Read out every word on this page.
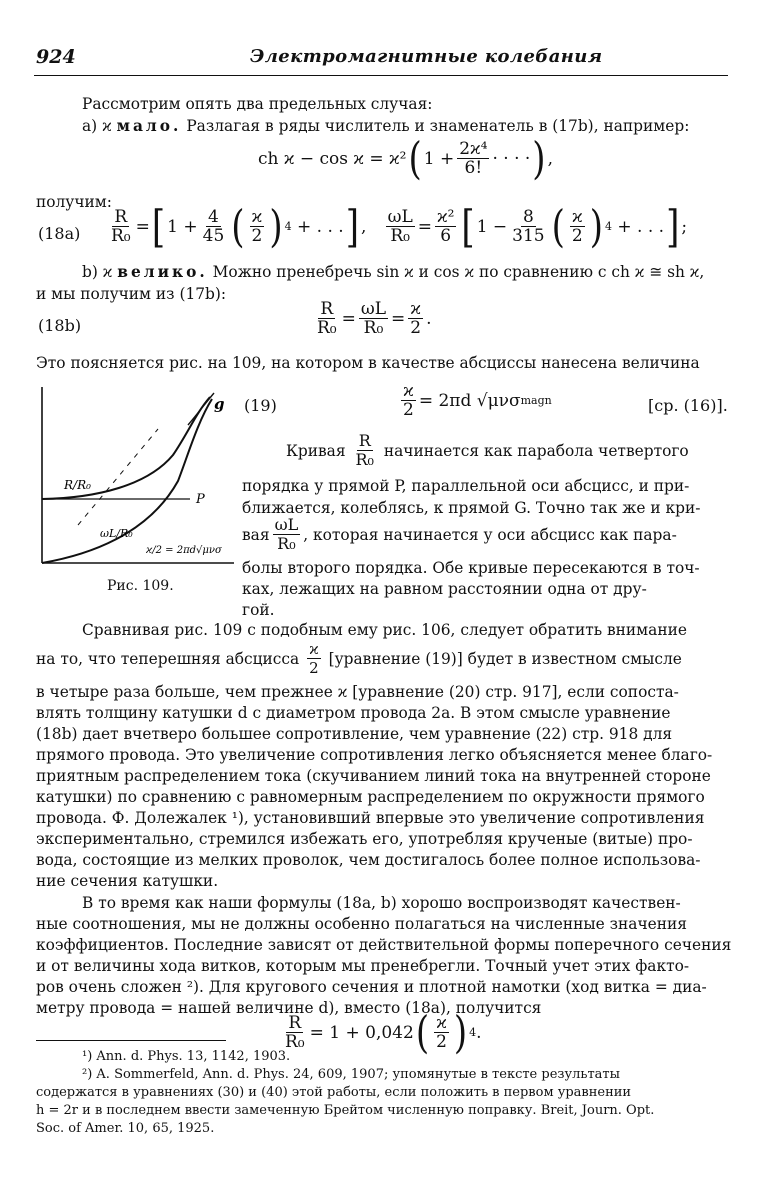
924	Электромагнитные колебания
Рассмотрим опять два предельных случая:
a) ϰ мало. Разлагая в ряды числитель и знаменатель в (17b), например:
ch ϰ − cos ϰ = ϰ² ( 1
+ $\frac{\text{2ϰ⁴}}{6!}$ · · · · ) ,
получим:
$(18a) \frac{R}{\text{R₀}}$ = [ 1
+ $\frac{4}{45}$ ( $\frac{ϰ}{2}$ ) 4
+ . . . ] , $\frac{\omega L}{\text{R₀}} = \frac{\text{ϰ²}}{6}$ [ 1
− $\frac{8}{315}$ ( $\frac{ϰ}{2}$ ) 4
+ . . . ] ;
b) ϰ велико. Можно пренебречь sin ϰ и cos ϰ по сравнению с ch ϰ ≅ sh ϰ,
и мы получим из (17b):
(18b)	$\frac{R}{\text{R₀}} = \frac{\omega L}{\text{R₀}} = \frac{ϰ}{2}$ .
Это поясняется рис. на 109, на котором в качестве абсциссы нанесена величина
R/R₀
P
g
ωL/R₀
ϰ/2 = 2πd√μνσ
Рис. 109.
(19)	$\frac{ϰ}{2} = 2\pi d$ √μνσ magn	[ср. (16)].
Кривая
$\frac{R}{\text{R₀}}$
начинается как парабола четвертого
порядка у прямой P, параллельной оси абсцисс, и при-
ближается, колеблясь, к прямой G. Точно так же и кри-
вая $\frac{\omega L}{\text{R₀}}$ , которая начинается у оси абсцисс как пара-
болы второго порядка. Обе кривые пересекаются в точ-
ках, лежащих на равном расстоянии одна от дру-
гой.
Сравнивая рис. 109 с подобным ему рис. 106, следует обратить внимание
на то, что теперешняя абсцисса
$\frac{ϰ}{2}$
[уравнение (19)] будет в известном смысле
в четыре раза больше, чем прежнее ϰ [уравнение (20) стр. 917], если сопоста-
влять толщину катушки d с диаметром провода 2a. В этом смысле уравнение
(18b) дает вчетверо большее сопротивление, чем уравнение (22) стр. 918 для
прямого провода. Это увеличение сопротивления легко объясняется менее благо-
приятным распределением тока (скучиванием линий тока на внутренней стороне
катушки) по сравнению с равномерным распределением по окружности прямого
провода. Ф. Долежалек ¹), установивший впервые это увеличение сопротивления
экспериментально, стремился избежать его, употребляя крученые (витые) про-
вода, состоящие из мелких проволок, чем достигалось более полное использова-
ние сечения катушки.
В то время как наши формулы (18a, b) хорошо воспроизводят качествен-
ные соотношения, мы не должны особенно полагаться на численные значения
коэффициентов. Последние зависят от действительной формы поперечного сечения
и от величины хода витков, которым мы пренебрегли. Точный учет этих факто-
ров очень сложен ²). Для кругового сечения и плотной намотки (ход витка = диа-
метру провода = нашей величине d), вместо (18a), получится
$\frac{R}{\text{R₀}} = 1 + 0,042$ ( $\frac{ϰ}{2}$ ) 4 .
¹) Ann. d. Phys. 13, 1142, 1903.
²) A. Sommerfeld, Ann. d. Phys. 24, 609, 1907; упомянутые в тексте результаты
содержатся в уравнениях (30) и (40) этой работы, если положить в первом уравнении
h = 2r и в последнем ввести замеченную Брейтом численную поправку. Breit, Journ. Opt.
Soc. of Amer. 10, 65, 1925.
